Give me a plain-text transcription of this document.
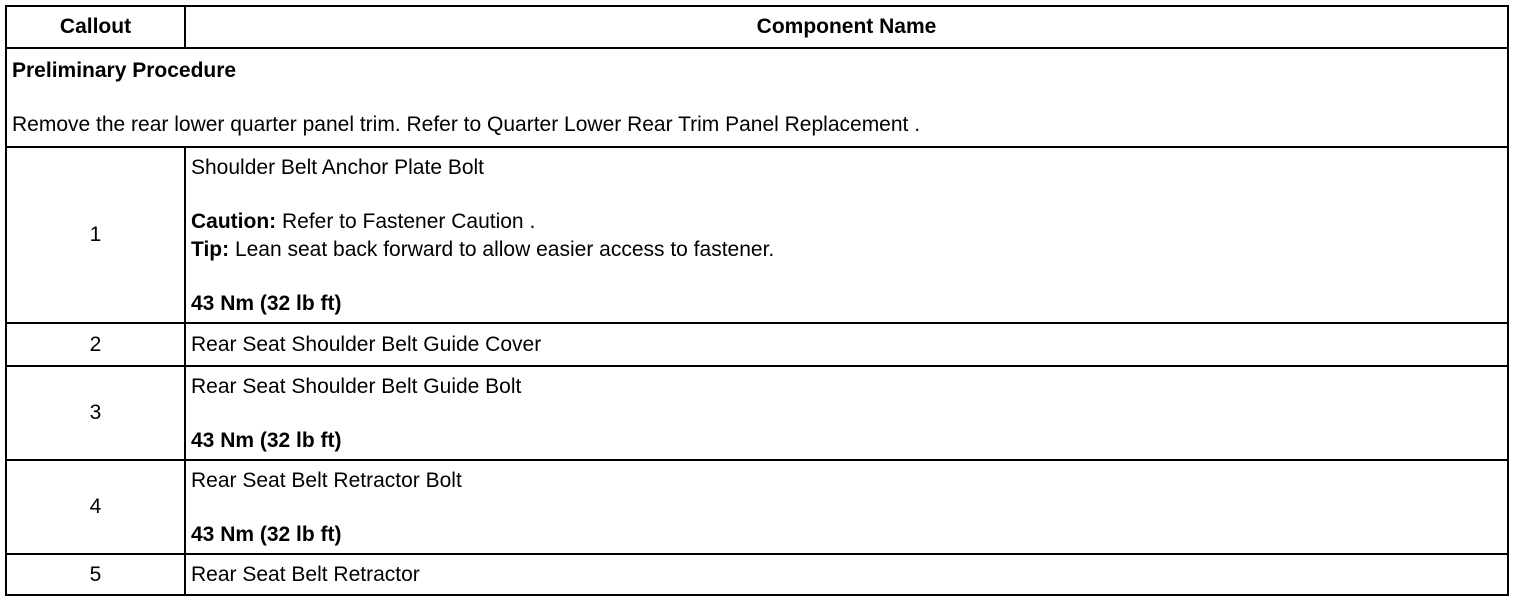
Callout	Component Name

Preliminary Procedure
Remove the rear lower quarter panel trim. Refer to Quarter Lower Rear Trim Panel Replacement .	

1	Shoulder Belt Anchor Plate Bolt
Caution: Refer to Fastener Caution .
Tip: Lean seat back forward to allow easier access to fastener.
43 Nm (32 lb ft)

2	Rear Seat Shoulder Belt Guide Cover

3	Rear Seat Shoulder Belt Guide Bolt
43 Nm (32 lb ft)

4	Rear Seat Belt Retractor Bolt
43 Nm (32 lb ft)

5	Rear Seat Belt Retractor
